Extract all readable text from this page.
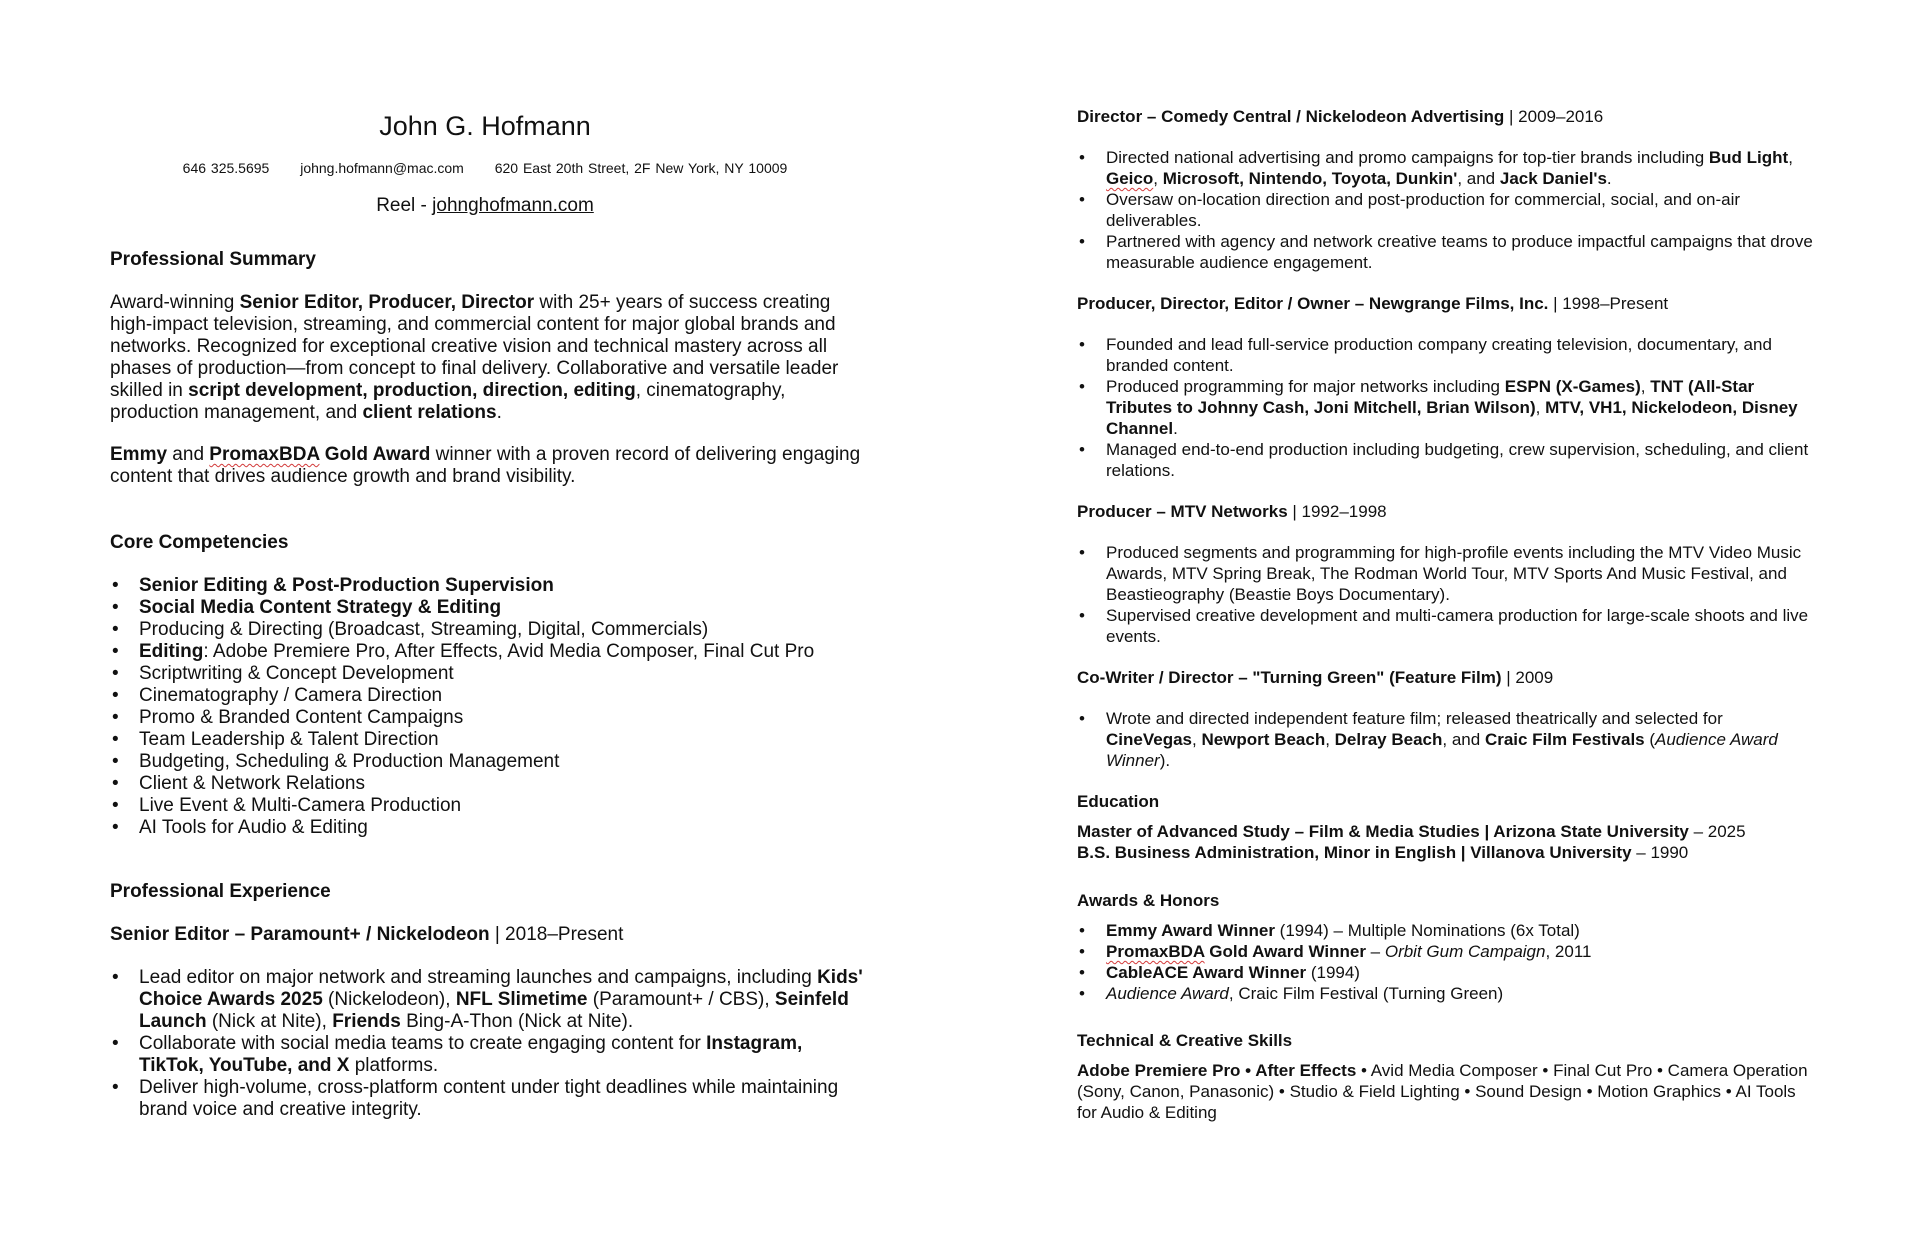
John G. Hofmann
646 325.5695 johng.hofmann@mac.com 620 East 20th Street, 2F New York, NY 10009
Reel - johnghofmann.com
Professional Summary

Award-winning Senior Editor, Producer, Director with 25+ years of success creating high-impact television, streaming, and commercial content for major global brands and networks. Recognized for exceptional creative vision and technical mastery across all phases of production—from concept to final delivery. Collaborative and versatile leader skilled in script development, production, direction, editing, cinematography, production management, and client relations.

Emmy and PromaxBDA Gold Award winner with a proven record of delivering engaging content that drives audience growth and brand visibility.

Core Competencies
• Senior Editing & Post-Production Supervision
• Social Media Content Strategy & Editing
• Producing & Directing (Broadcast, Streaming, Digital, Commercials)
• Editing: Adobe Premiere Pro, After Effects, Avid Media Composer, Final Cut Pro
• Scriptwriting & Concept Development
• Cinematography / Camera Direction
• Promo & Branded Content Campaigns
• Team Leadership & Talent Direction
• Budgeting, Scheduling & Production Management
• Client & Network Relations
• Live Event & Multi-Camera Production
• AI Tools for Audio & Editing
Professional Experience
Senior Editor – Paramount+ / Nickelodeon | 2018–Present
• Lead editor on major network and streaming launches and campaigns, including Kids' Choice Awards 2025 (Nickelodeon), NFL Slimetime (Paramount+ / CBS), Seinfeld Launch (Nick at Nite), Friends Bing-A-Thon (Nick at Nite).
• Collaborate with social media teams to create engaging content for Instagram, TikTok, YouTube, and X platforms.
• Deliver high-volume, cross-platform content under tight deadlines while maintaining brand voice and creative integrity.
Director – Comedy Central / Nickelodeon Advertising | 2009–2016
• Directed national advertising and promo campaigns for top-tier brands including Bud Light, Geico, Microsoft, Nintendo, Toyota, Dunkin', and Jack Daniel's.
• Oversaw on-location direction and post-production for commercial, social, and on-air deliverables.
• Partnered with agency and network creative teams to produce impactful campaigns that drove measurable audience engagement.
Producer, Director, Editor / Owner – Newgrange Films, Inc. | 1998–Present
• Founded and lead full-service production company creating television, documentary, and branded content.
• Produced programming for major networks including ESPN (X-Games), TNT (All-Star Tributes to Johnny Cash, Joni Mitchell, Brian Wilson), MTV, VH1, Nickelodeon, Disney Channel.
• Managed end-to-end production including budgeting, crew supervision, scheduling, and client relations.
Producer – MTV Networks | 1992–1998
• Produced segments and programming for high-profile events including the MTV Video Music Awards, MTV Spring Break, The Rodman World Tour, MTV Sports And Music Festival, and Beastieography (Beastie Boys Documentary).
• Supervised creative development and multi-camera production for large-scale shoots and live events.
Co-Writer / Director – "Turning Green" (Feature Film) | 2009
• Wrote and directed independent feature film; released theatrically and selected for CineVegas, Newport Beach, Delray Beach, and Craic Film Festivals (Audience Award Winner).
Education
Master of Advanced Study – Film & Media Studies | Arizona State University – 2025
B.S. Business Administration, Minor in English | Villanova University – 1990
Awards & Honors
• Emmy Award Winner (1994) – Multiple Nominations (6x Total)
• PromaxBDA Gold Award Winner – Orbit Gum Campaign, 2011
• CableACE Award Winner (1994)
• Audience Award, Craic Film Festival (Turning Green)
Technical & Creative Skills
Adobe Premiere Pro • After Effects • Avid Media Composer • Final Cut Pro • Camera Operation (Sony, Canon, Panasonic) • Studio & Field Lighting • Sound Design • Motion Graphics • AI Tools for Audio & Editing
